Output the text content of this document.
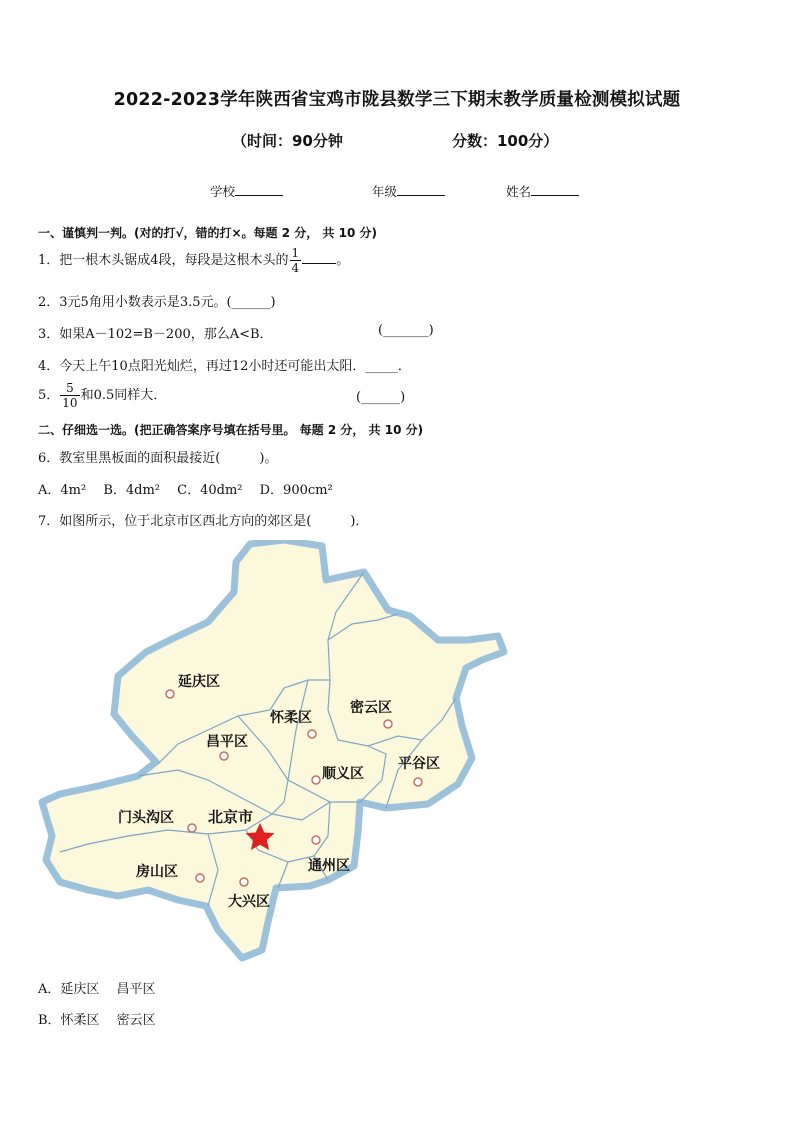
2022-2023学年陕西省宝鸡市陇县数学三下期末教学质量检测模拟试题
（时间：90分钟	分数：100分）
学校	年级	姓名
一、谨慎判一判。(对的打√，错的打×。每题 2 分， 共 10 分)
1．把一根木头锯成4段，每段是这根木头的 $\frac{1}{4}$	。
2．3元5角用小数表示是3.5元。(______)
3．如果A－102=B－200，那么A<B．	(_______)
4．今天上午10点阳光灿烂，再过12小时还可能出太阳．_____．
5． $\frac{5}{10}$ 和0.5同样大．	(______)
二、仔细选一选。(把正确答案序号填在括号里。 每题 2 分， 共 10 分)
6．教室里黑板面的面积最接近(　　　)。
A．4m²　 B．4dm²　 C．40dm²　 D．900cm²
7．如图所示，位于北京市区西北方向的郊区是(　　　)．
延庆区
怀柔区
密云区
昌平区
平谷区
顺义区
门头沟区 北京市
通州区
房山区
大兴区
A．延庆区　 昌平区
B．怀柔区　 密云区
